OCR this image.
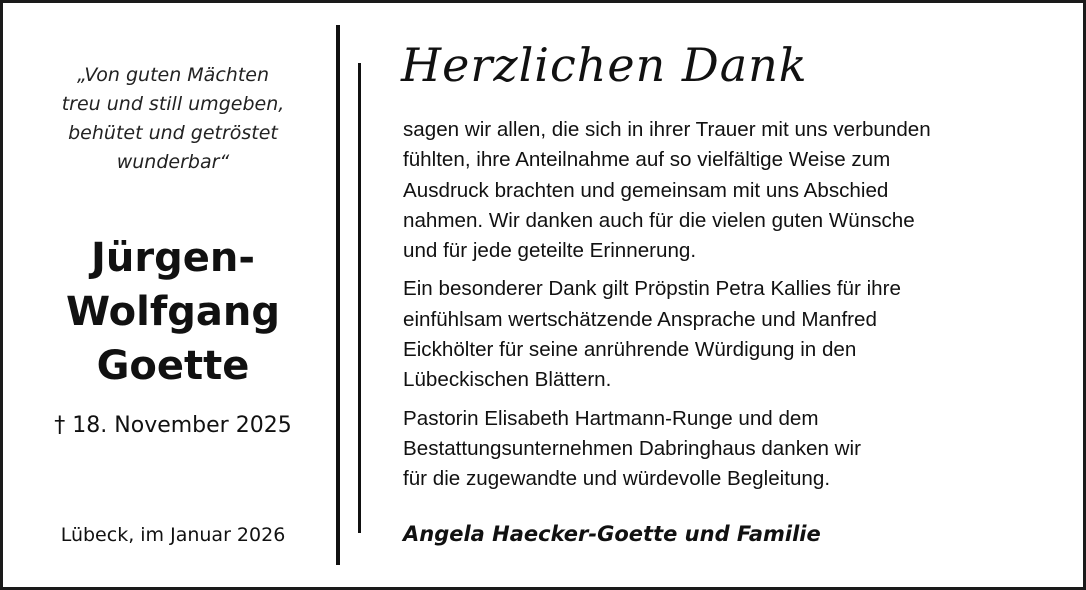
„Von guten Mächten
treu und still umgeben,
behütet und getröstet
wunderbar“
Jürgen-
Wolfgang
Goette
† 18. November 2025
Lübeck, im Januar 2026
Herzlichen Dank
sagen wir allen, die sich in ihrer Trauer mit uns verbunden
fühlten, ihre Anteilnahme auf so vielfältige Weise zum
Ausdruck brachten und gemeinsam mit uns Abschied
nahmen. Wir danken auch für die vielen guten Wünsche
und für jede geteilte Erinnerung.
Ein besonderer Dank gilt Pröpstin Petra Kallies für ihre
einfühlsam wertschätzende Ansprache und Manfred
Eickhölter für seine anrührende Würdigung in den
Lübeckischen Blättern.
Pastorin Elisabeth Hartmann-Runge und dem
Bestattungsunternehmen Dabringhaus danken wir
für die zugewandte und würdevolle Begleitung.
Angela Haecker-Goette und Familie
